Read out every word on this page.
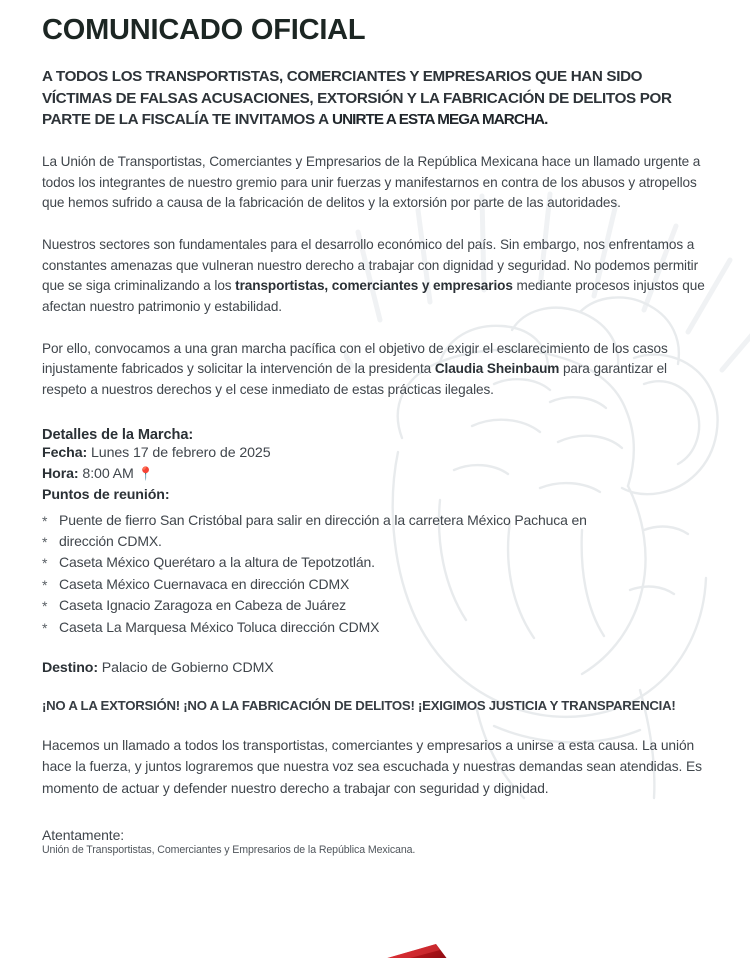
COMUNICADO OFICIAL

A TODOS LOS TRANSPORTISTAS, COMERCIANTES Y EMPRESARIOS QUE HAN SIDO VÍCTIMAS DE FALSAS ACUSACIONES, EXTORSIÓN Y LA FABRICACIÓN DE DELITOS POR PARTE DE LA FISCALÍA TE INVITAMOS A UNIRTE A ESTA MEGA MARCHA.

La Unión de Transportistas, Comerciantes y Empresarios de la República Mexicana hace un llamado urgente a todos los integrantes de nuestro gremio para unir fuerzas y manifestarnos en contra de los abusos y atropellos que hemos sufrido a causa de la fabricación de delitos y la extorsión por parte de las autoridades.

Nuestros sectores son fundamentales para el desarrollo económico del país. Sin embargo, nos enfrentamos a constantes amenazas que vulneran nuestro derecho a trabajar con dignidad y seguridad. No podemos permitir que se siga criminalizando a los transportistas, comerciantes y empresarios mediante procesos injustos que afectan nuestro patrimonio y estabilidad.

Por ello, convocamos a una gran marcha pacífica con el objetivo de exigir el esclarecimiento de los casos injustamente fabricados y solicitar la intervención de la presidenta Claudia Sheinbaum para garantizar el respeto a nuestros derechos y el cese inmediato de estas prácticas ilegales.

Detalles de la Marcha:

Fecha: Lunes 17 de febrero de 2025

Hora: 8:00 AM 📍

Puntos de reunión:

* Puente de fierro San Cristóbal para salir en dirección a la carretera México Pachuca en
* dirección CDMX.
* Caseta México Querétaro a la altura de Tepotzotlán.
* Caseta México Cuernavaca en dirección CDMX
* Caseta Ignacio Zaragoza en Cabeza de Juárez
* Caseta La Marquesa México Toluca dirección CDMX

Destino: Palacio de Gobierno CDMX

¡NO A LA EXTORSIÓN! ¡NO A LA FABRICACIÓN DE DELITOS! ¡EXIGIMOS JUSTICIA Y TRANSPARENCIA!

Hacemos un llamado a todos los transportistas, comerciantes y empresarios a unirse a esta causa. La unión hace la fuerza, y juntos lograremos que nuestra voz sea escuchada y nuestras demandas sean atendidas. Es momento de actuar y defender nuestro derecho a trabajar con seguridad y dignidad.

Atentamente:

Unión de Transportistas, Comerciantes y Empresarios de la República Mexicana.
